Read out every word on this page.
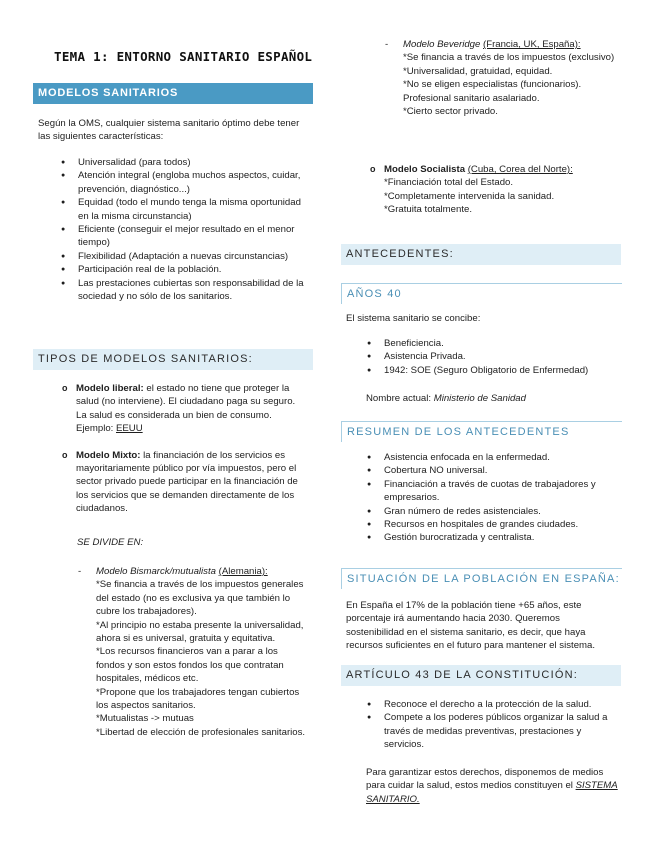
TEMA 1: ENTORNO SANITARIO ESPAÑOL
MODELOS SANITARIOS

Según la OMS, cualquier sistema sanitario óptimo debe tener las siguientes características:

● Universalidad (para todos)
● Atención integral (engloba muchos aspectos, cuidar, prevención, diagnóstico...)
● Equidad (todo el mundo tenga la misma oportunidad en la misma circunstancia)
● Eficiente (conseguir el mejor resultado en el menor tiempo)
● Flexibilidad (Adaptación a nuevas circunstancias)
● Participación real de la población.
● Las prestaciones cubiertas son responsabilidad de la sociedad y no sólo de los sanitarios.
TIPOS DE MODELOS SANITARIOS:
o Modelo liberal: el estado no tiene que proteger la salud (no interviene). El ciudadano paga su seguro. La salud es considerada un bien de consumo. Ejemplo: EEUU
o Modelo Mixto: la financiación de los servicios es mayoritariamente público por vía impuestos, pero el sector privado puede participar en la financiación de los servicios que se demanden directamente de los ciudadanos.

SE DIVIDE EN:

- Modelo Bismarck/mutualista (Alemania):
*Se financia a través de los impuestos generales del estado (no es exclusiva ya que también lo cubre los trabajadores).
*Al principio no estaba presente la universalidad, ahora si es universal, gratuita y equitativa.
*Los recursos financieros van a parar a los fondos y son estos fondos los que contratan hospitales, médicos etc.
*Propone que los trabajadores tengan cubiertos los aspectos sanitarios.
*Mutualistas -> mutuas
*Libertad de elección de profesionales sanitarios.
- Modelo Beveridge (Francia, UK, España):
*Se financia a través de los impuestos (exclusivo)
*Universalidad, gratuidad, equidad.
*No se eligen especialistas (funcionarios).
Profesional sanitario asalariado.
*Cierto sector privado.
o Modelo Socialista (Cuba, Corea del Norte):
*Financiación total del Estado.
*Completamente intervenida la sanidad.
*Gratuita totalmente.
ANTECEDENTES:
AÑOS 40

El sistema sanitario se concibe:

● Beneficiencia.
● Asistencia Privada.
● 1942: SOE (Seguro Obligatorio de Enfermedad)

Nombre actual: Ministerio de Sanidad

RESUMEN DE LOS ANTECEDENTES
● Asistencia enfocada en la enfermedad.
● Cobertura NO universal.
● Financiación a través de cuotas de trabajadores y empresarios.
● Gran número de redes asistenciales.
● Recursos en hospitales de grandes ciudades.
● Gestión burocratizada y centralista.
SITUACIÓN DE LA POBLACIÓN EN ESPAÑA:

En España el 17% de la población tiene +65 años, este porcentaje irá aumentando hacia 2030. Queremos sostenibilidad en el sistema sanitario, es decir, que haya recursos suficientes en el futuro para mantener el sistema.

ARTÍCULO 43 DE LA CONSTITUCIÓN:
● Reconoce el derecho a la protección de la salud.
● Compete a los poderes públicos organizar la salud a través de medidas preventivas, prestaciones y servicios.

Para garantizar estos derechos, disponemos de medios para cuidar la salud, estos medios constituyen el SISTEMA SANITARIO.
